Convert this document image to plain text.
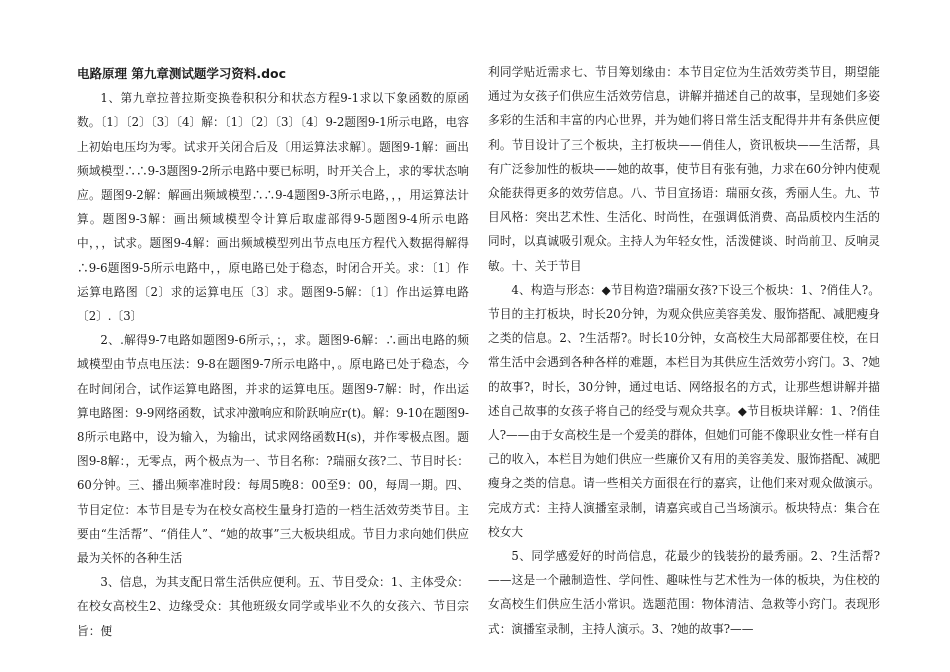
电路原理 第九章测试题学习资料.doc

1、第九章拉普拉斯变换卷积积分和状态方程9-1求以下象函数的原函数。〔1〕〔2〕〔3〕〔4〕解：〔1〕〔2〕〔3〕〔4〕9-2题图9-1所示电路，电容上初始电压均为零。试求开关闭合后及〔用运算法求解〕。题图9-1解：画出频域模型∴∴9-3题图9-2所示电路中要已标明，时开关合上，求的零状态响应。题图9-2解：解画出频域模型∴∴9-4题图9-3所示电路，，，用运算法计算。题图9-3解：画出频域模型令计算后取虚部得9-5题图9-4所示电路中，，，试求。题图9-4解：画出频域模型列出节点电压方程代入数据得解得∴9-6题图9-5所示电路中，，原电路已处于稳态，时闭合开关。求：〔1〕作运算电路图〔2〕求的运算电压〔3〕求。题图9-5解：〔1〕作出运算电路〔2〕.〔3〕

2、.解得9-7电路如题图9-6所示，；，求。题图9-6解：∴画出电路的频域模型由节点电压法：9-8在题图9-7所示电路中，。原电路已处于稳态，今在时间闭合，试作运算电路图，并求的运算电压。题图9-7解：时，作出运算电路图：9-9网络函数，试求冲激响应和阶跃响应r(t)。解：9-10在题图9-8所示电路中，设为输入，为输出，试求网络函数H(s)，并作零极点图。题图9-8解：，无零点，两个极点为一、节目名称：?瑞丽女孩?二、节目时长：60分钟。三、播出频率准时段：每周5晚8：00至9：00，每周一期。四、节目定位：本节目是专为在校女高校生量身打造的一档生活效劳类节目。主要由“生活帮”、“俏佳人”、“她的故事”三大板块组成。节目力求向她们供应最为关怀的各种生活

3、信息，为其支配日常生活供应便利。五、节目受众：1、主体受众：在校女高校生2、边缘受众：其他班级女同学或毕业不久的女孩六、节目宗旨：便

利同学贴近需求七、节目筹划缘由：本节目定位为生活效劳类节目，期望能通过为女孩子们供应生活效劳信息，讲解并描述自己的故事，呈现她们多姿多彩的生活和丰富的内心世界，并为她们将日常生活支配得井井有条供应便利。节目设计了三个板块，主打板块——俏佳人，资讯板块——生活帮，具有广泛参加性的板块——她的故事，使节目有张有弛，力求在60分钟内使观众能获得更多的效劳信息。八、节目宣扬语：瑞丽女孩，秀丽人生。九、节目风格：突出艺术性、生活化、时尚性，在强调低消费、高品质校内生活的同时，以真诚吸引观众。主持人为年轻女性，活泼健谈、时尚前卫、反响灵敏。十、关于节目

4、构造与形态：◆节目构造?瑞丽女孩?下设三个板块：1、?俏佳人?。节目的主打板块，时长20分钟，为观众供应美容美发、服饰搭配、减肥瘦身之类的信息。2、?生活帮?。时长10分钟，女高校生大局部都要住校，在日常生活中会遇到各种各样的难题，本栏目为其供应生活效劳小窍门。3、?她的故事?，时长，30分钟，通过电话、网络报名的方式，让那些想讲解并描述自己故事的女孩子将自己的经受与观众共享。◆节目板块详解：1、?俏佳人?——由于女高校生是一个爱美的群体，但她们可能不像职业女性一样有自己的收入，本栏目为她们供应一些廉价又有用的美容美发、服饰搭配、减肥瘦身之类的信息。请一些相关方面很在行的嘉宾，让他们来对观众做演示。完成方式：主持人演播室录制，请嘉宾或自己当场演示。板块特点：集合在校女大

5、同学感爱好的时尚信息，花最少的钱装扮的最秀丽。2、?生活帮?——这是一个融制造性、学问性、趣味性与艺术性为一体的板块，为住校的女高校生们供应生活小常识。选题范围：物体清洁、急救等小窍门。表现形式：演播室录制，主持人演示。3、?她的故事?——
